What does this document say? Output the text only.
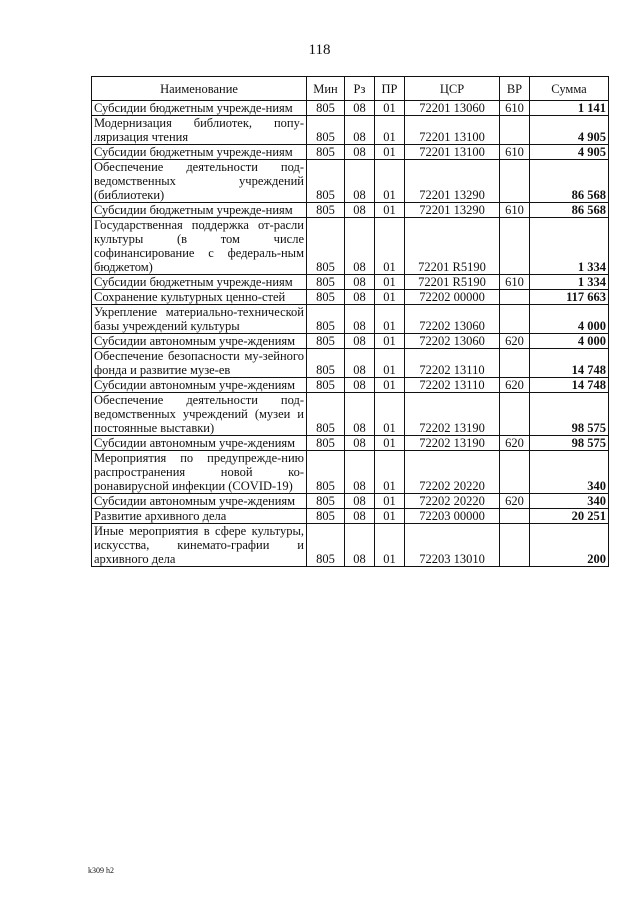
118
Наименование	Мин	Рз	ПР	ЦСР	ВР	Сумма
Субсидии бюджетным учрежде-ниям	805	08	01	72201 13060	610	1 141
Модернизация библиотек, попу-ляризация чтения	805	08	01	72201 13100		4 905
Субсидии бюджетным учрежде-ниям	805	08	01	72201 13100	610	4 905
Обеспечение деятельности под-ведомственных учреждений (библиотеки)	805	08	01	72201 13290		86 568
Субсидии бюджетным учрежде-ниям	805	08	01	72201 13290	610	86 568
Государственная поддержка от-расли культуры (в том числе софинансирование с федераль-ным бюджетом)	805	08	01	72201 R5190		1 334
Субсидии бюджетным учрежде-ниям	805	08	01	72201 R5190	610	1 334
Сохранение культурных ценно-стей	805	08	01	72202 00000		117 663
Укрепление материально-технической базы учреждений культуры	805	08	01	72202 13060		4 000
Субсидии автономным учре-ждениям	805	08	01	72202 13060	620	4 000
Обеспечение безопасности му-зейного фонда и развитие музе-ев	805	08	01	72202 13110		14 748
Субсидии автономным учре-ждениям	805	08	01	72202 13110	620	14 748
Обеспечение деятельности под-ведомственных учреждений (музеи и постоянные выставки)	805	08	01	72202 13190		98 575
Субсидии автономным учре-ждениям	805	08	01	72202 13190	620	98 575
Мероприятия по предупрежде-нию распространения новой ко-ронавирусной инфекции (COVID-19)	805	08	01	72202 20220		340
Субсидии автономным учре-ждениям	805	08	01	72202 20220	620	340
Развитие архивного дела	805	08	01	72203 00000		20 251
Иные мероприятия в сфере культуры, искусства, кинемато-графии и архивного дела	805	08	01	72203 13010		200
k309 h2
